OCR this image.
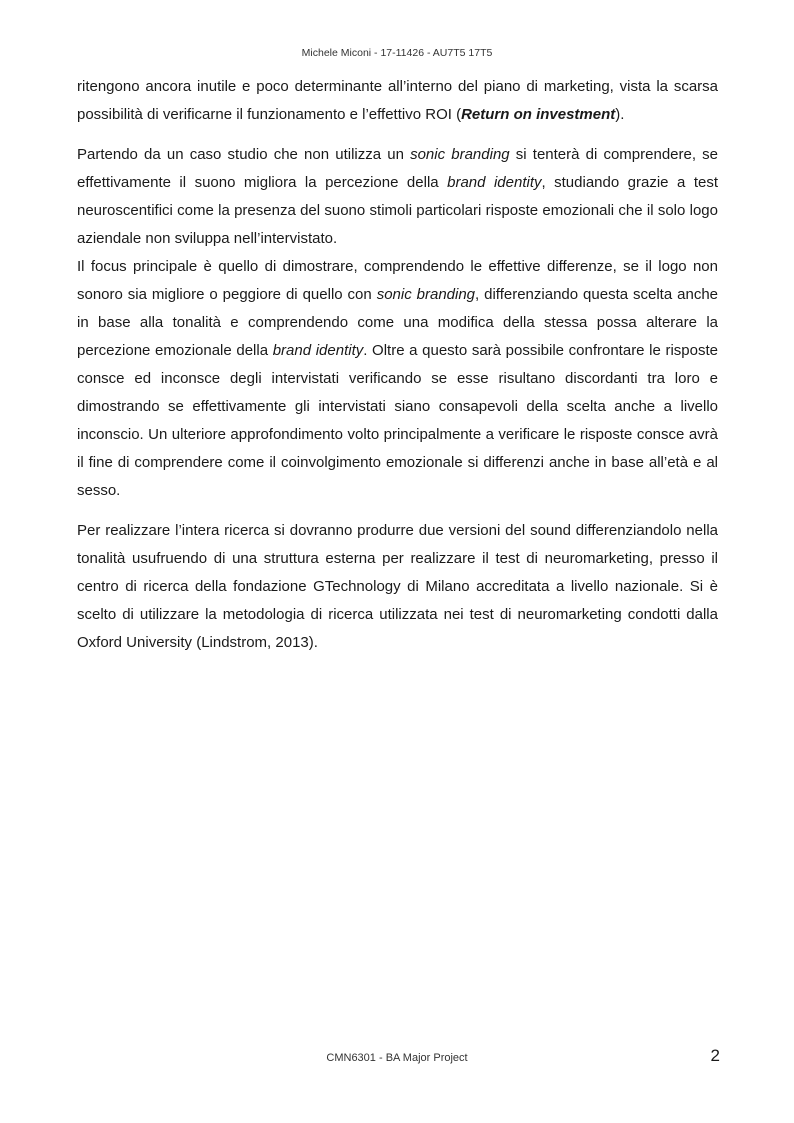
Michele Miconi - 17-11426 - AU7T5 17T5

ritengono ancora inutile e poco determinante all’interno del piano di marketing, vista la scarsa possibilità di verificarne il funzionamento e l’effettivo ROI (Return on investment).

Partendo da un caso studio che non utilizza un sonic branding si tenterà di comprendere, se effettivamente il suono migliora la percezione della brand identity, studiando grazie a test neuroscentifici come la presenza del suono stimoli particolari risposte emozionali che il solo logo aziendale non sviluppa nell’intervistato.

Il focus principale è quello di dimostrare, comprendendo le effettive differenze, se il logo non sonoro sia migliore o peggiore di quello con sonic branding, differenziando questa scelta anche in base alla tonalità e comprendendo come una modifica della stessa possa alterare la percezione emozionale della brand identity. Oltre a questo sarà possibile confrontare le risposte consce ed inconsce degli intervistati verificando se esse risultano discordanti tra loro e dimostrando se effettivamente gli intervistati siano consapevoli della scelta anche a livello inconscio. Un ulteriore approfondimento volto principalmente a verificare le risposte consce avrà il fine di comprendere come il coinvolgimento emozionale si differenzi anche in base all’età e al sesso.

Per realizzare l’intera ricerca si dovranno produrre due versioni del sound differenziandolo nella tonalità usufruendo di una struttura esterna per realizzare il test di neuromarketing, presso il centro di ricerca della fondazione GTechnology di Milano accreditata a livello nazionale. Si è scelto di utilizzare la metodologia di ricerca utilizzata nei test di neuromarketing condotti dalla Oxford University (Lindstrom, 2013).

CMN6301 - BA Major Project	2
